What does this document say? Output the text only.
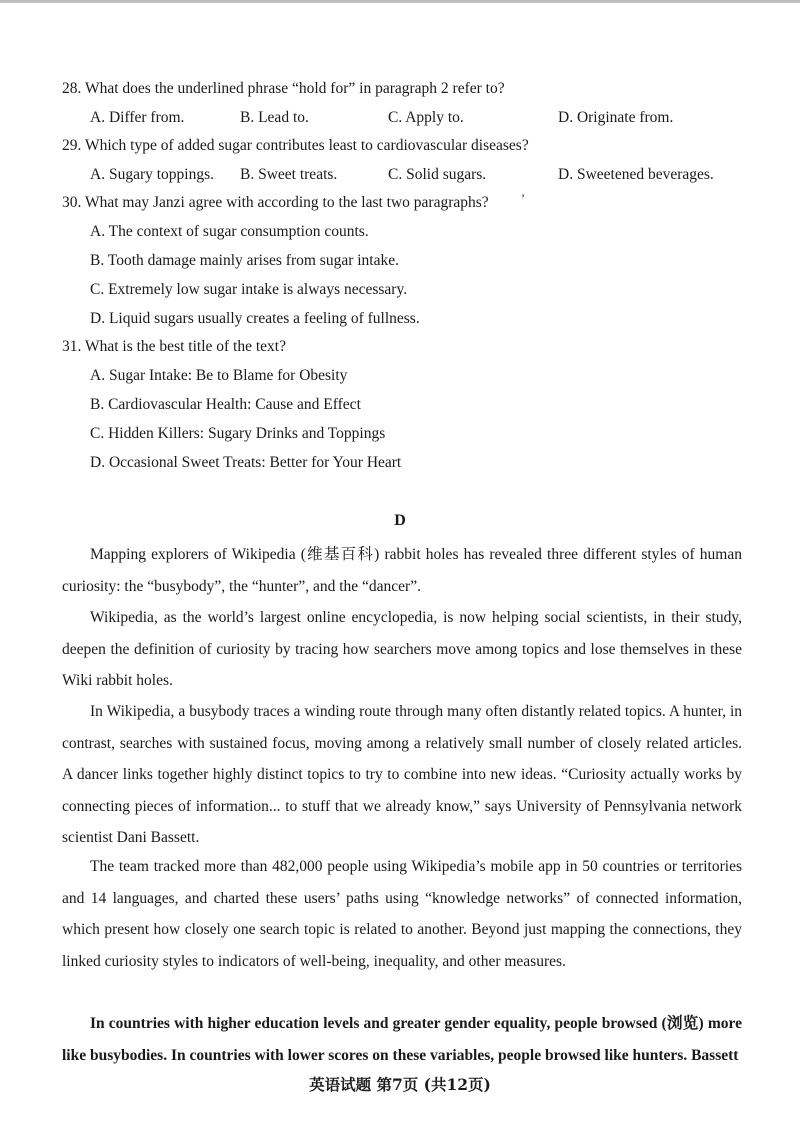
28. What does the underlined phrase “hold for” in paragraph 2 refer to?
A. Differ from.	B. Lead to.	C. Apply to.	D. Originate from.
29. Which type of added sugar contributes least to cardiovascular diseases?
A. Sugary toppings. B. Sweet treats.	C. Solid sugars.	D. Sweetened beverages.
30. What may Janzi agree with according to the last two paragraphs?	’
A. The context of sugar consumption counts.
B. Tooth damage mainly arises from sugar intake.
C. Extremely low sugar intake is always necessary.
D. Liquid sugars usually creates a feeling of fullness.
31. What is the best title of the text?
A. Sugar Intake: Be to Blame for Obesity
B. Cardiovascular Health: Cause and Effect
C. Hidden Killers: Sugary Drinks and Toppings
D. Occasional Sweet Treats: Better for Your Heart
D
Mapping explorers of Wikipedia (维基百科) rabbit holes has revealed three different styles of human curiosity: the “busybody”, the “hunter”, and the “dancer”.
Wikipedia, as the world’s largest online encyclopedia, is now helping social scientists, in their study, deepen the definition of curiosity by tracing how searchers move among topics and lose themselves in these Wiki rabbit holes.
In Wikipedia, a busybody traces a winding route through many often distantly related topics. A hunter, in contrast, searches with sustained focus, moving among a relatively small number of closely related articles. A dancer links together highly distinct topics to try to combine into new ideas. “Curiosity actually works by connecting pieces of information... to stuff that we already know,” says University of Pennsylvania network scientist Dani Bassett.
The team tracked more than 482,000 people using Wikipedia’s mobile app in 50 countries or territories and 14 languages, and charted these users’ paths using “knowledge networks” of connected information, which present how closely one search topic is related to another. Beyond just mapping the connections, they linked curiosity styles to indicators of well-being, inequality, and other measures.
In countries with higher education levels and greater gender equality, people browsed (浏览) more like busybodies. In countries with lower scores on these variables, people browsed like hunters. Bassett
英语试题 第7页 (共12页)
